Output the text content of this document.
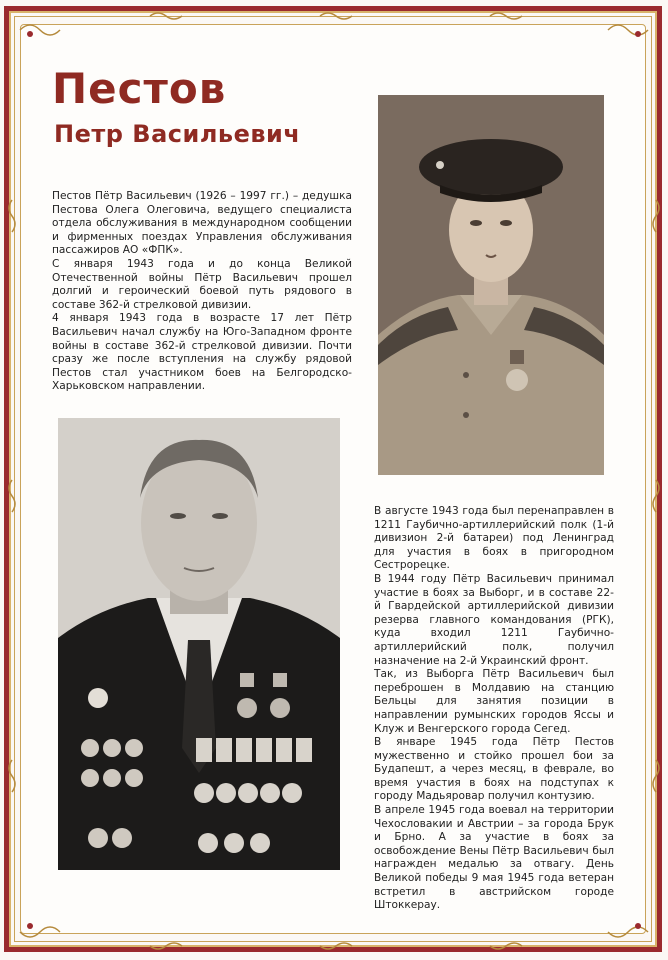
Пестов
Петр Васильевич
Пестов Пётр Васильевич (1926 – 1997 гг.) – дедушка Пестова Олега Олеговича, ведущего специалиста отдела обслуживания в международном сообщении и фирменных поездах Управления обслуживания пассажиров АО «ФПК».
С января 1943 года и до конца Великой Отечественной войны Пётр Васильевич прошел долгий и героический боевой путь рядового в составе 362-й стрелковой дивизии.
4 января 1943 года в возрасте 17 лет Пётр Васильевич начал службу на Юго-Западном фронте войны в составе 362-й стрелковой дивизии. Почти сразу же после вступления на службу рядовой Пестов стал участником боев на Белгородско-Харьковском направлении.
В августе 1943 года был перенаправлен в 1211 Гаубично-артиллерийский полк (1-й дивизион 2-й батареи) под Ленинград для участия в боях в пригородном Сестрорецке.
В 1944 году Пётр Васильевич принимал участие в боях за Выборг, и в составе 22-й Гвардейской артиллерийской дивизии резерва главного командования (РГК), куда входил 1211 Гаубично-артиллерийский полк, получил назначение на 2-й Украинский фронт.
Так, из Выборга Пётр Васильевич был переброшен в Молдавию на станцию Бельцы для занятия позиции в направлении румынских городов Яссы и Клуж и Венгерского города Сегед.
В январе 1945 года Пётр Пестов мужественно и стойко прошел бои за Будапешт, а через месяц, в феврале, во время участия в боях на подступах к городу Мадьяровар получил контузию.
В апреле 1945 года воевал на территории Чехословакии и Австрии – за города Брук и Брно. А за участие в боях за освобождение Вены Пётр Васильевич был награжден медалью за отвагу. День Великой победы 9 мая 1945 года ветеран встретил в австрийском городе Штоккерау.
